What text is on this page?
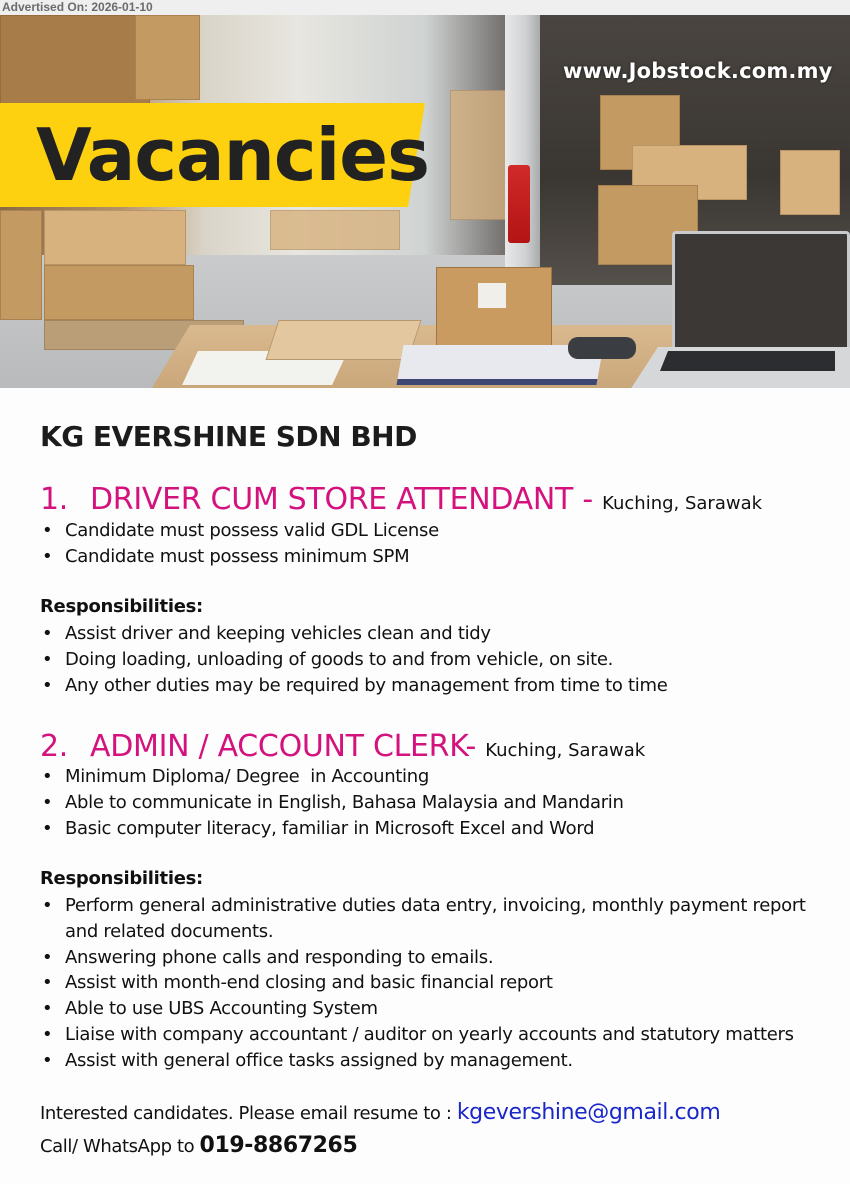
Advertised On: 2026-01-10
Vacancies
www.Jobstock.com.my
KG EVERSHINE SDN BHD
1. DRIVER CUM STORE ATTENDANT - Kuching, Sarawak
• Candidate must possess valid GDL License
• Candidate must possess minimum SPM
Responsibilities:
• Assist driver and keeping vehicles clean and tidy
• Doing loading, unloading of goods to and from vehicle, on site.
• Any other duties may be required by management from time to time
2. ADMIN / ACCOUNT CLERK- Kuching, Sarawak
• Minimum Diploma/ Degree  in Accounting
• Able to communicate in English, Bahasa Malaysia and Mandarin
• Basic computer literacy, familiar in Microsoft Excel and Word
Responsibilities:
• Perform general administrative duties data entry, invoicing, monthly payment report and related documents.
• Answering phone calls and responding to emails.
• Assist with month-end closing and basic financial report
• Able to use UBS Accounting System
• Liaise with company accountant / auditor on yearly accounts and statutory matters
• Assist with general office tasks assigned by management.
Interested candidates. Please email resume to : kgevershine@gmail.com
Call/ WhatsApp to 019-8867265
